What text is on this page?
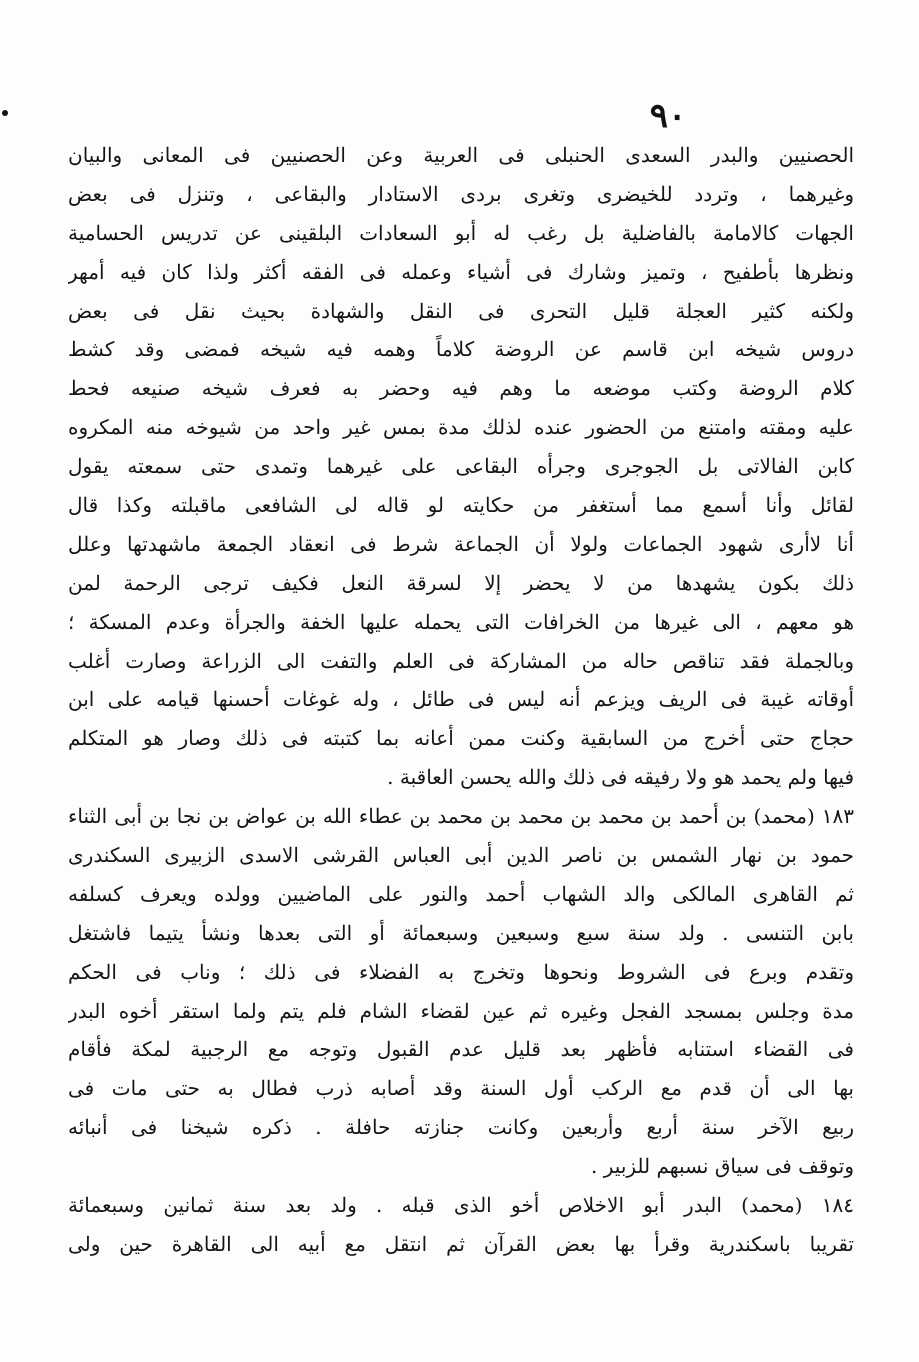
٩٠
الحصنيين والبدر السعدى الحنبلى فى العربية وعن الحصنيين فى المعانى والبيان
وغيرهما ، وتردد للخيضرى وتغرى بردى الاستادار والبقاعى ، وتنزل فى بعض
الجهات كالامامة بالفاضلية بل رغب له أبو السعادات البلقينى عن تدريس الحسامية
ونظرها بأطفيح ، وتميز وشارك فى أشياء وعمله فى الفقه أكثر ولذا كان فيه أمهر
ولكنه كثير العجلة قليل التحرى فى النقل والشهادة بحيث نقل فى بعض
دروس شيخه ابن قاسم عن الروضة كلاماً وهمه فيه شيخه فمضى وقد كشط
كلام الروضة وكتب موضعه ما وهم فيه وحضر به فعرف شيخه صنيعه فحط
عليه ومقته وامتنع من الحضور عنده لذلك مدة بمس غير واحد من شيوخه منه المكروه
كابن الفالاتى بل الجوجرى وجرأه البقاعى على غيرهما وتمدى حتى سمعته يقول
لقائل وأنا أسمع مما أستغفر من حكايته لو قاله لى الشافعى ماقبلته وكذا قال
أنا لاأرى شهود الجماعات ولولا أن الجماعة شرط فى انعقاد الجمعة ماشهدتها وعلل
ذلك بكون يشهدها من لا يحضر إلا لسرقة النعل فكيف ترجى الرحمة لمن
هو معهم ، الى غيرها من الخرافات التى يحمله عليها الخفة والجرأة وعدم المسكة ؛
وبالجملة فقد تناقص حاله من المشاركة فى العلم والتفت الى الزراعة وصارت أغلب
أوقاته غيبة فى الريف ويزعم أنه ليس فى طائل ، وله غوغات أحسنها قيامه على ابن
حجاج حتى أخرج من السابقية وكنت ممن أعانه بما كتبته فى ذلك وصار هو المتكلم
فيها ولم يحمد هو ولا رفيقه فى ذلك والله يحسن العاقبة .
١٨٣ (محمد) بن أحمد بن محمد بن محمد بن محمد بن عطاء الله بن عواض بن نجا بن أبى الثناء
حمود بن نهار الشمس بن ناصر الدين أبى العباس القرشى الاسدى الزبيرى السكندرى
ثم القاهرى المالكى والد الشهاب أحمد والنور على الماضيين وولده ويعرف كسلفه
بابن التنسى . ولد سنة سبع وسبعين وسبعمائة أو التى بعدها ونشأ يتيما فاشتغل
وتقدم وبرع فى الشروط ونحوها وتخرج به الفضلاء فى ذلك ؛ وناب فى الحكم
مدة وجلس بمسجد الفجل وغيره ثم عين لقضاء الشام فلم يتم ولما استقر أخوه البدر
فى القضاء استنابه فأظهر بعد قليل عدم القبول وتوجه مع الرجبية لمكة فأقام
بها الى أن قدم مع الركب أول السنة وقد أصابه ذرب فطال به حتى مات فى
ربيع الآخر سنة أربع وأربعين وكانت جنازته حافلة . ذكره شيخنا فى أنبائه
وتوقف فى سياق نسبهم للزبير .
١٨٤ (محمد) البدر أبو الاخلاص أخو الذى قبله . ولد بعد سنة ثمانين وسبعمائة
تقريبا باسكندرية وقرأ بها بعض القرآن ثم انتقل مع أبيه الى القاهرة حين ولى
